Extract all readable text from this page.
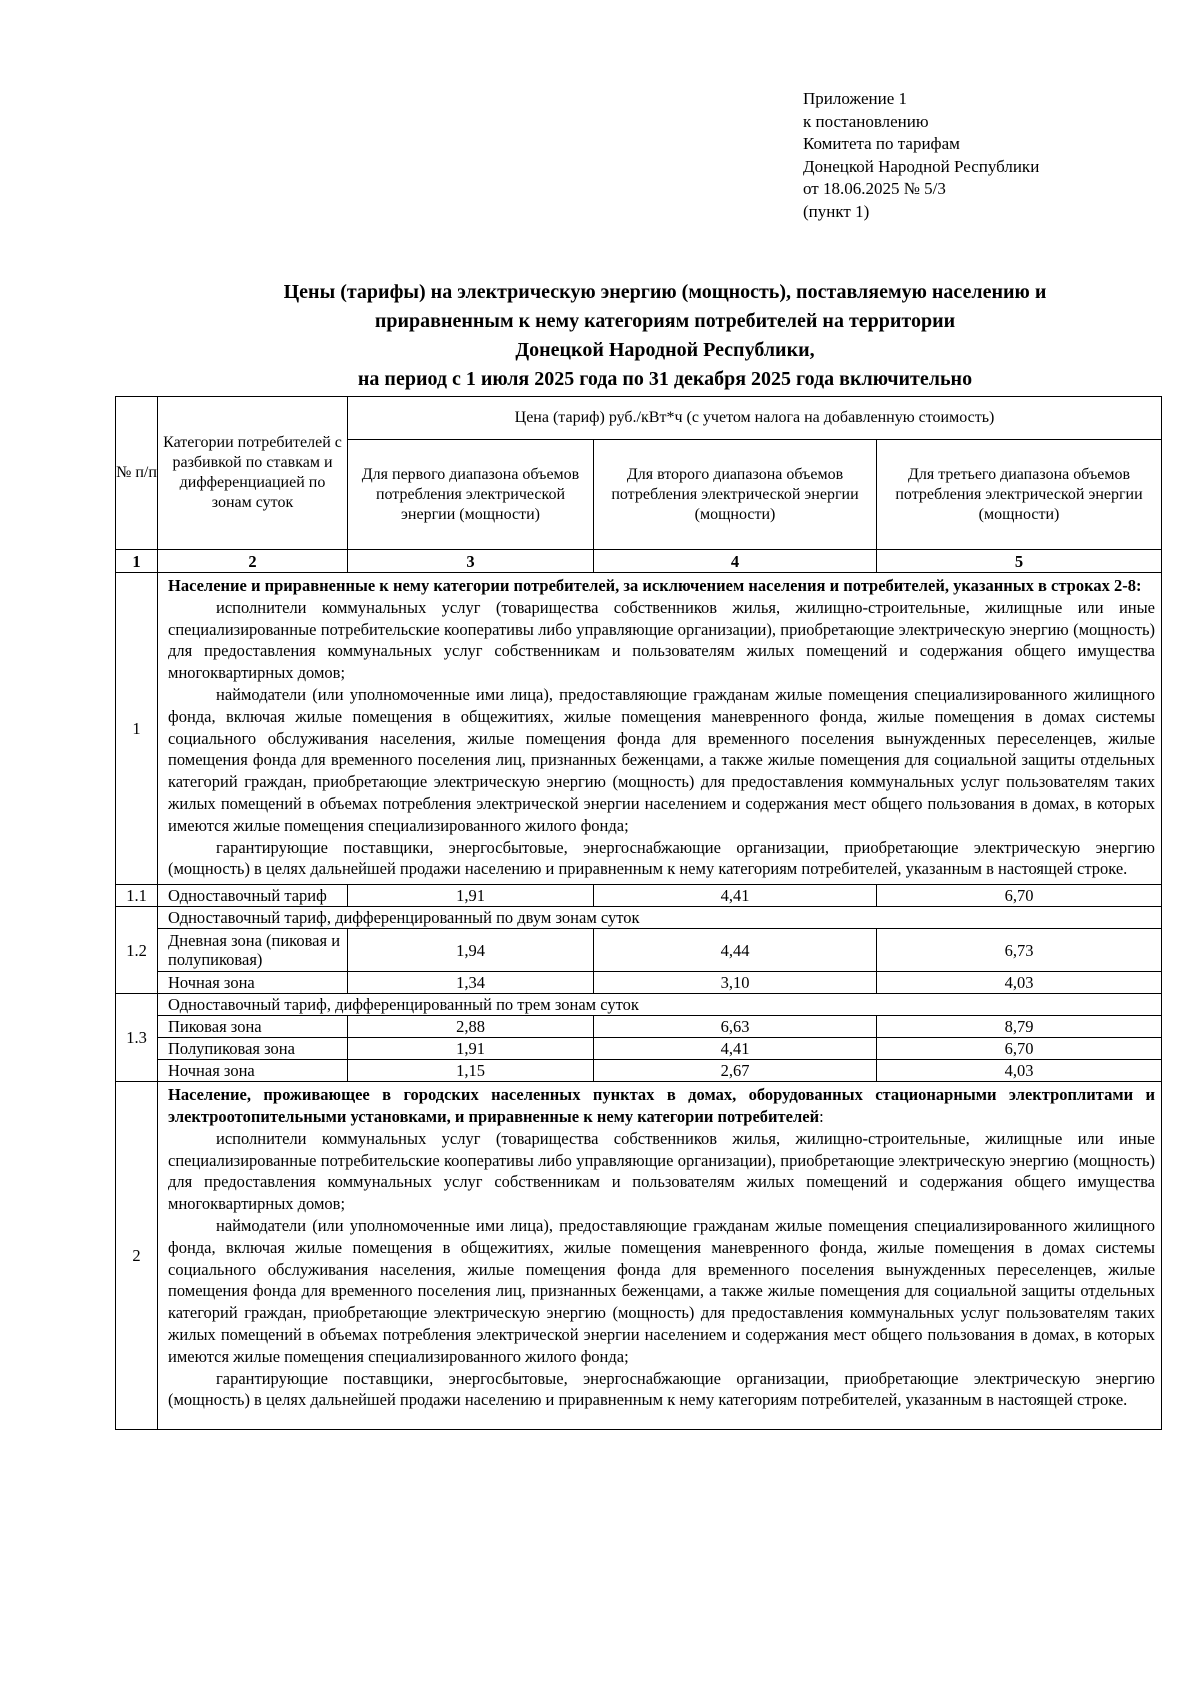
Приложение 1
к постановлению
Комитета по тарифам
Донецкой Народной Республики
от 18.06.2025 № 5/3
(пункт 1)
Цены (тарифы) на электрическую энергию (мощность), поставляемую населению и
приравненным к нему категориям потребителей на территории
Донецкой Народной Республики,
на период с 1 июля 2025 года по 31 декабря 2025 года включительно
№ п/п	Категории потребителей с разбивкой по ставкам и дифференциацией по зонам суток	Цена (тариф) руб./кВт*ч (с учетом налога на добавленную стоимость)		
		Для первого диапазона объемов потребления электрической энергии (мощности)	Для второго диапазона объемов потребления электрической энергии (мощности)	Для третьего диапазона объемов потребления электрической энергии (мощности)
1	2	3	4	5
1	Население и приравненные к нему категории потребителей, за исключением населения и потребителей, указанных в строках 2-8:

исполнители коммунальных услуг (товарищества собственников жилья, жилищно-строительные, жилищные или иные специализированные потребительские кооперативы либо управляющие организации), приобретающие электрическую энергию (мощность) для предоставления коммунальных услуг собственникам и пользователям жилых помещений и содержания общего имущества многоквартирных домов;

наймодатели (или уполномоченные ими лица), предоставляющие гражданам жилые помещения специализированного жилищного фонда, включая жилые помещения в общежитиях, жилые помещения маневренного фонда, жилые помещения в домах системы социального обслуживания населения, жилые помещения фонда для временного поселения вынужденных переселенцев, жилые помещения фонда для временного поселения лиц, признанных беженцами, а также жилые помещения для социальной защиты отдельных категорий граждан, приобретающие электрическую энергию (мощность) для предоставления коммунальных услуг пользователям таких жилых помещений в объемах потребления электрической энергии населением и содержания мест общего пользования в домах, в которых имеются жилые помещения специализированного жилого фонда;

гарантирующие поставщики, энергосбытовые, энергоснабжающие организации, приобретающие электрическую энергию (мощность) в целях дальнейшей продажи населению и приравненным к нему категориям потребителей, указанным в настоящей строке.			

1.1	Одноставочный тариф	1,91	4,41	6,70
1.2	Одноставочный тариф, дифференцированный по двум зонам суток			
	Дневная зона (пиковая и полупиковая)	1,94	4,44	6,73
	Ночная зона	1,34	3,10	4,03
1.3	Одноставочный тариф, дифференцированный по трем зонам суток			
	Пиковая зона	2,88	6,63	8,79
	Полупиковая зона	1,91	4,41	6,70
	Ночная зона	1,15	2,67	4,03
2	Население, проживающее в городских населенных пунктах в домах, оборудованных стационарными электроплитами и электроотопительными установками, и приравненные к нему категории потребителей:

исполнители коммунальных услуг (товарищества собственников жилья, жилищно-строительные, жилищные или иные специализированные потребительские кооперативы либо управляющие организации), приобретающие электрическую энергию (мощность) для предоставления коммунальных услуг собственникам и пользователям жилых помещений и содержания общего имущества многоквартирных домов;

наймодатели (или уполномоченные ими лица), предоставляющие гражданам жилые помещения специализированного жилищного фонда, включая жилые помещения в общежитиях, жилые помещения маневренного фонда, жилые помещения в домах системы социального обслуживания населения, жилые помещения фонда для временного поселения вынужденных переселенцев, жилые помещения фонда для временного поселения лиц, признанных беженцами, а также жилые помещения для социальной защиты отдельных категорий граждан, приобретающие электрическую энергию (мощность) для предоставления коммунальных услуг пользователям таких жилых помещений в объемах потребления электрической энергии населением и содержания мест общего пользования в домах, в которых имеются жилые помещения специализированного жилого фонда;

гарантирующие поставщики, энергосбытовые, энергоснабжающие организации, приобретающие электрическую энергию (мощность) в целях дальнейшей продажи населению и приравненным к нему категориям потребителей, указанным в настоящей строке.			
